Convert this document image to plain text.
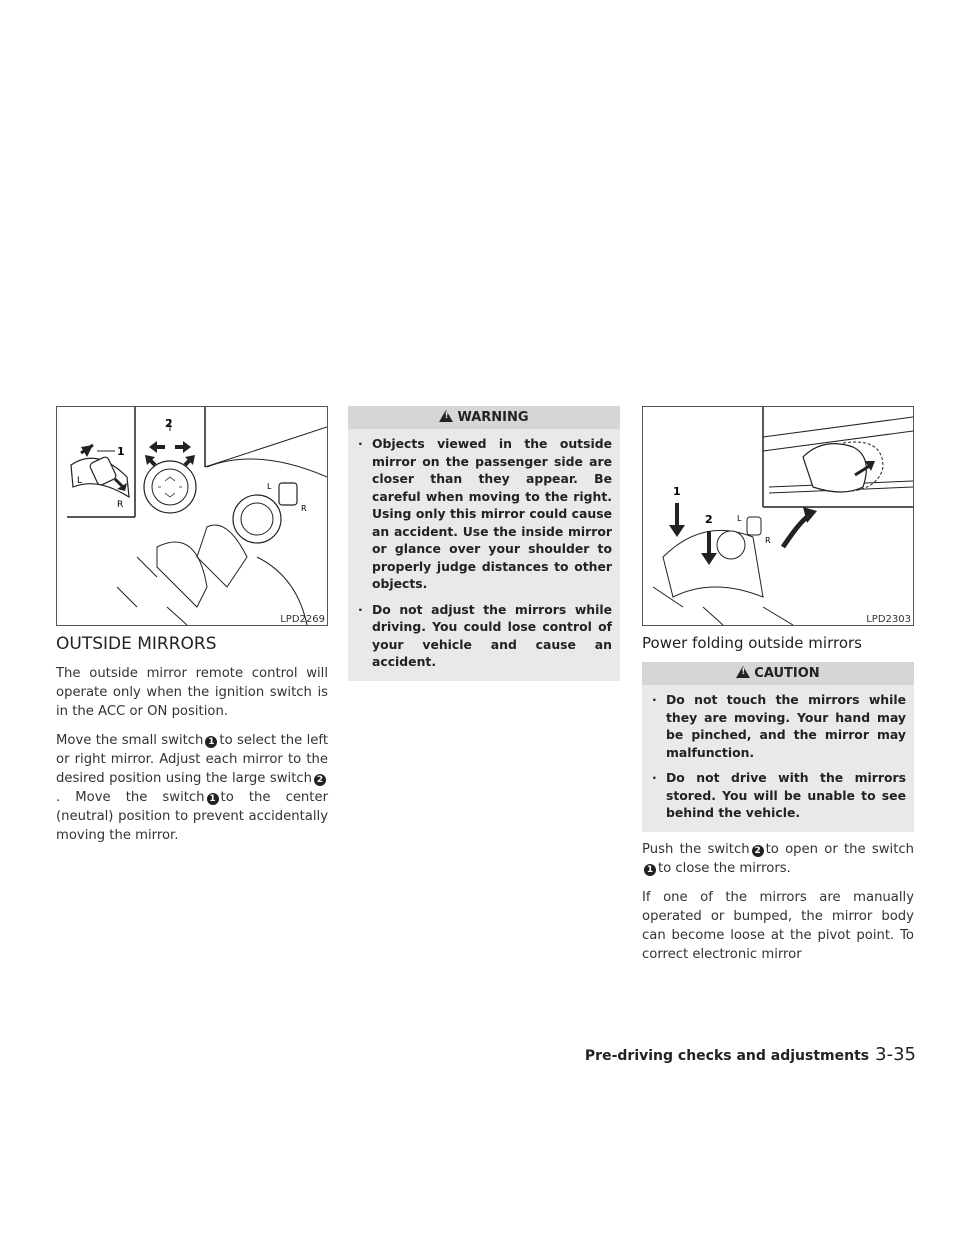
L
R
1
2
L
R
LPD2269
OUTSIDE MIRRORS

The outside mirror remote control will operate only when the ignition switch is in the ACC or ON position.

Move the small switch 1 to select the left or right mirror. Adjust each mirror to the desired position using the large switch 2. Move the switch 1 to the center (neutral) position to prevent accidentally moving the mirror.

!WARNING
· Objects viewed in the outside mirror on the passenger side are closer than they appear. Be careful when moving to the right. Using only this mirror could cause an accident. Use the inside mirror or glance over your shoulder to properly judge distances to other objects.
· Do not adjust the mirrors while driving. You could lose control of your vehicle and cause an accident.
L
R
1
2
LPD2303
Power folding outside mirrors
!CAUTION
· Do not touch the mirrors while they are moving. Your hand may be pinched, and the mirror may malfunction.
· Do not drive with the mirrors stored. You will be unable to see behind the vehicle.

Push the switch 2 to open or the switch1 to close the mirrors.

If one of the mirrors are manually operated or bumped, the mirror body can become loose at the pivot point. To correct electronic mirror

Pre-driving checks and adjustments 3-35
